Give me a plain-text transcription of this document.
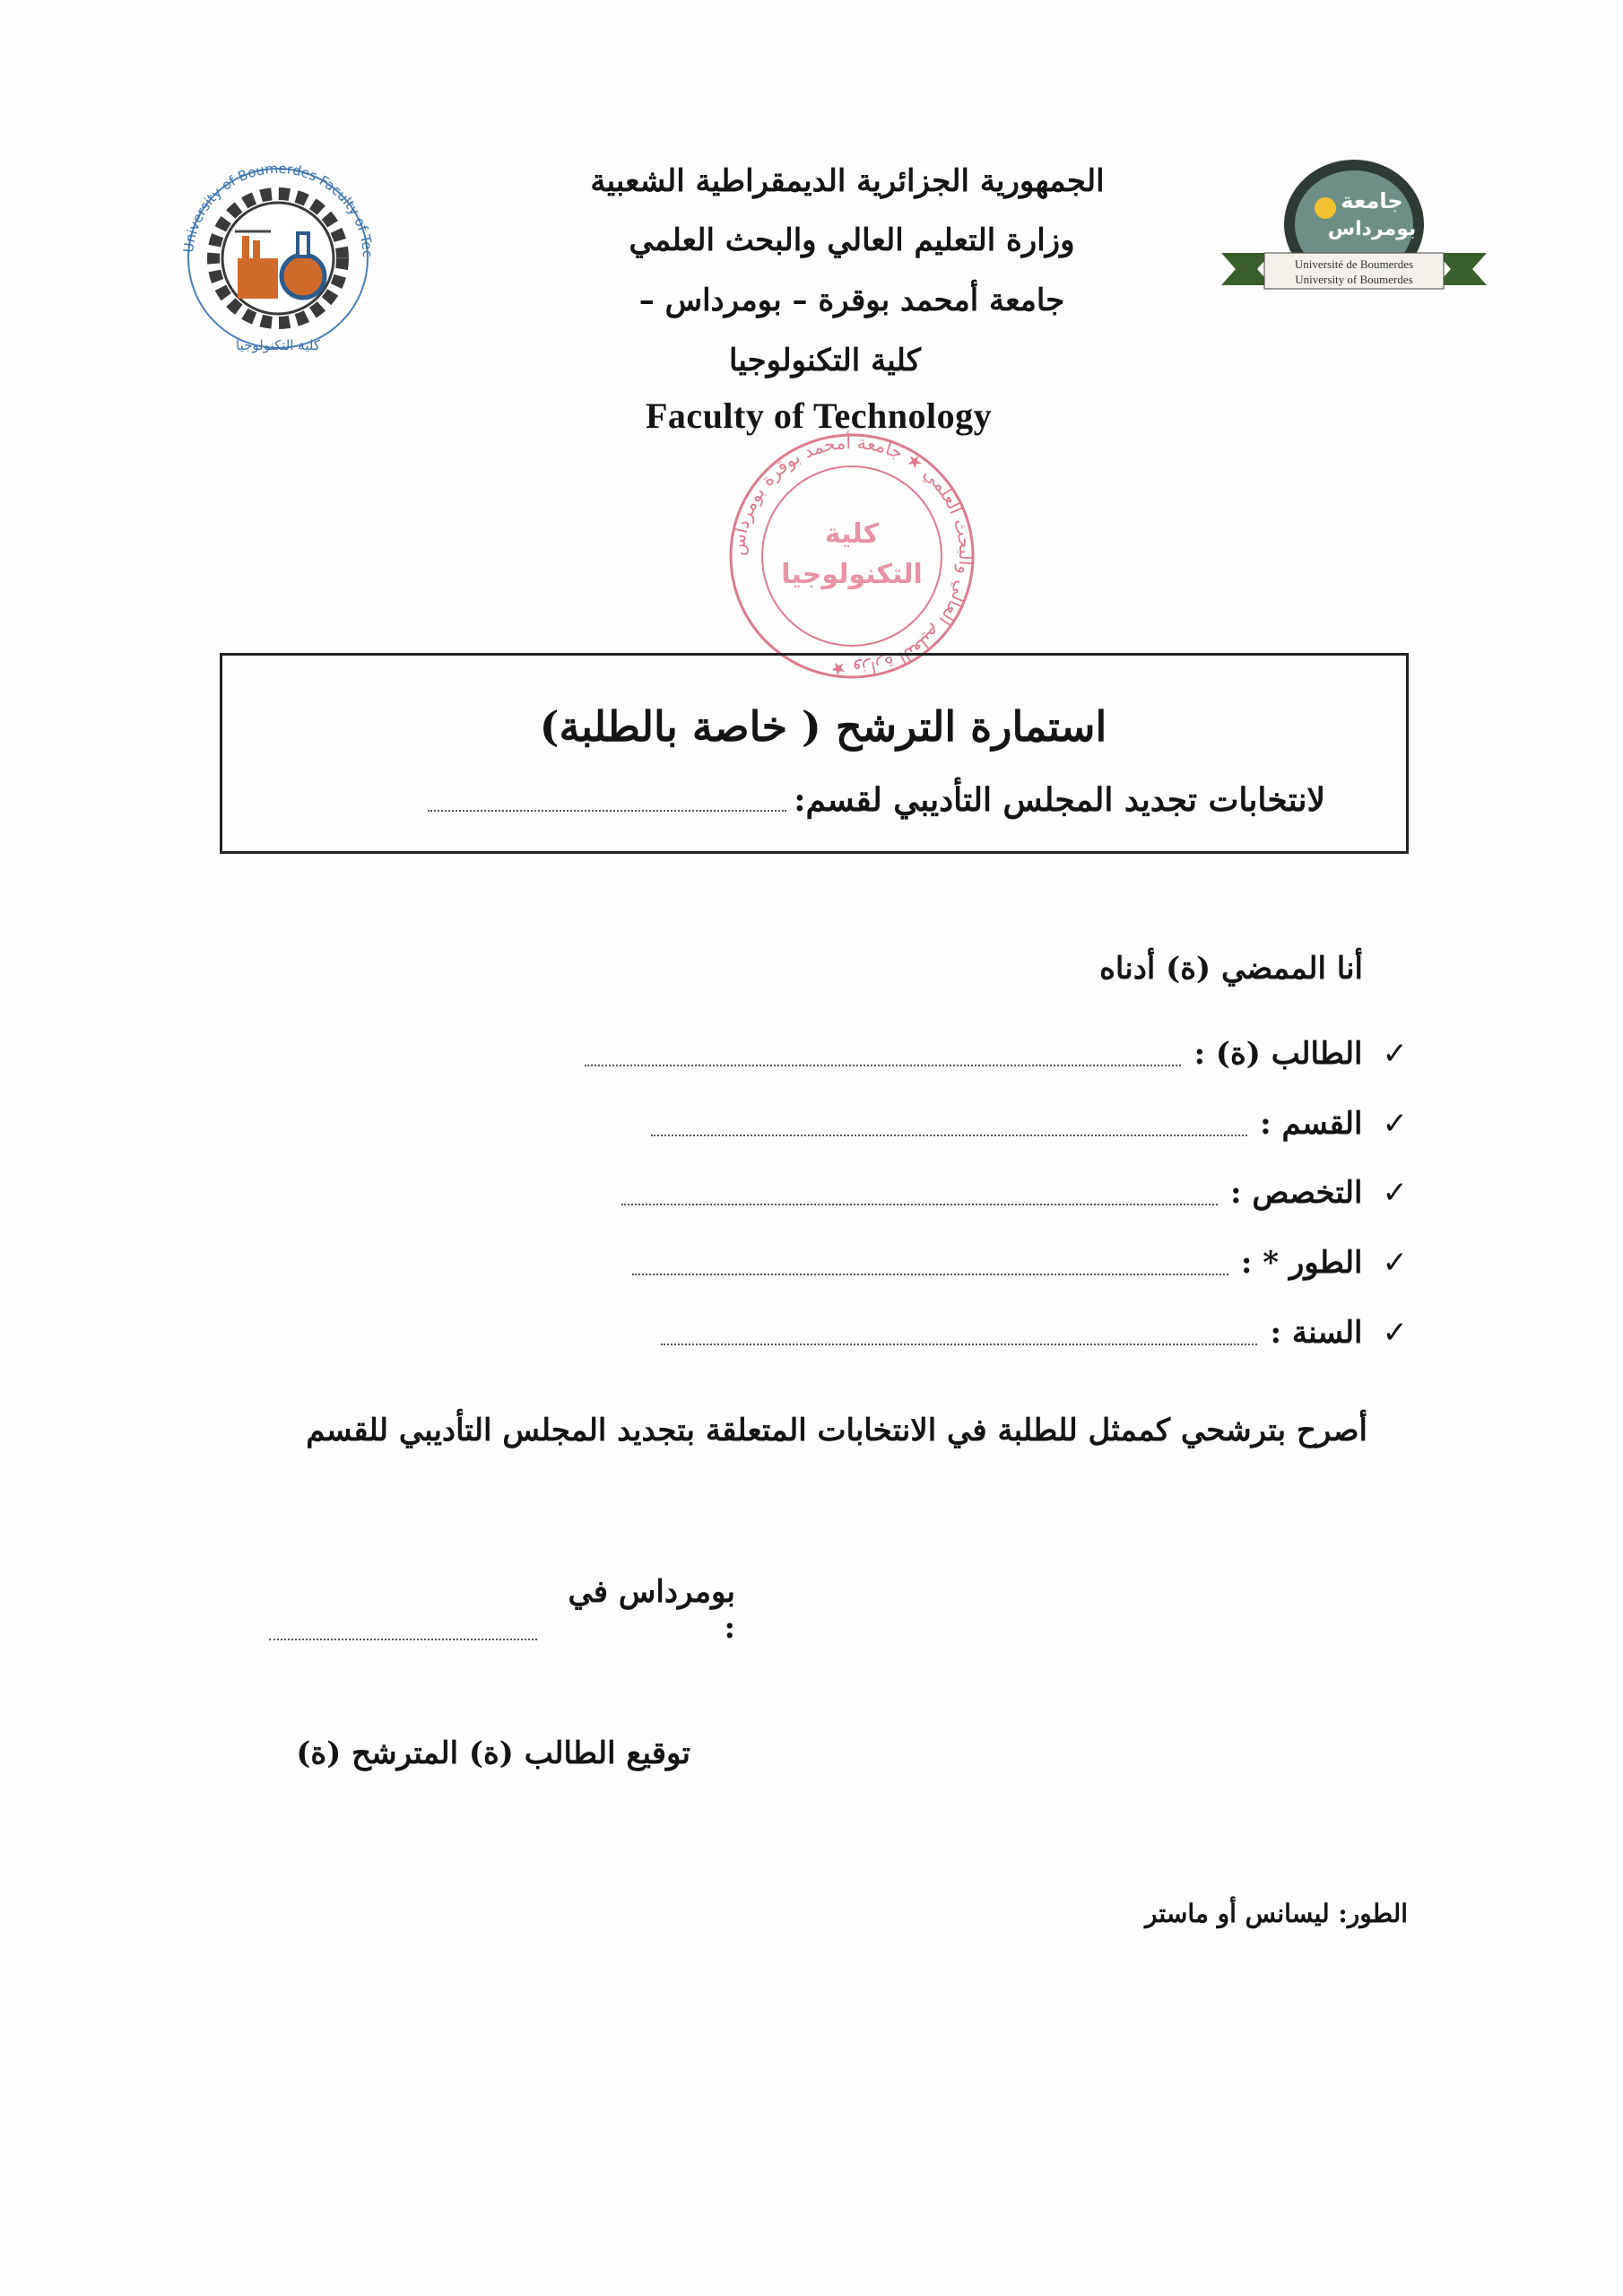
الجمهورية الجزائرية الديمقراطية الشعبية
وزارة التعليم العالي والبحث العلمي
جامعة أمحمد بوقرة – بومرداس –
كلية التكنولوجيا
Faculty of Technology
University of Boumerdes Faculty of Tec
كلية التكنولوجيا
جامعة
بومرداس
Université de Boumerdes
University of Boumerdes
وزارة التعليم العالي والبحث العلمي ★ جامعة أمحمد بوقرة بومرداس ★
كلية
التكنولوجيا
استمارة الترشح ( خاصة بالطلبة)
لانتخابات تجديد المجلس التأديبي لقسم:
أنا الممضي (ة) أدناه
✓
الطالب (ة) :
✓
القسم :
✓
التخصص :
✓
الطور * :
✓
السنة :
أصرح بترشحي كممثل للطلبة في الانتخابات المتعلقة بتجديد المجلس التأديبي للقسم
بومرداس في :
توقيع الطالب (ة) المترشح (ة)
الطور: ليسانس أو ماستر
